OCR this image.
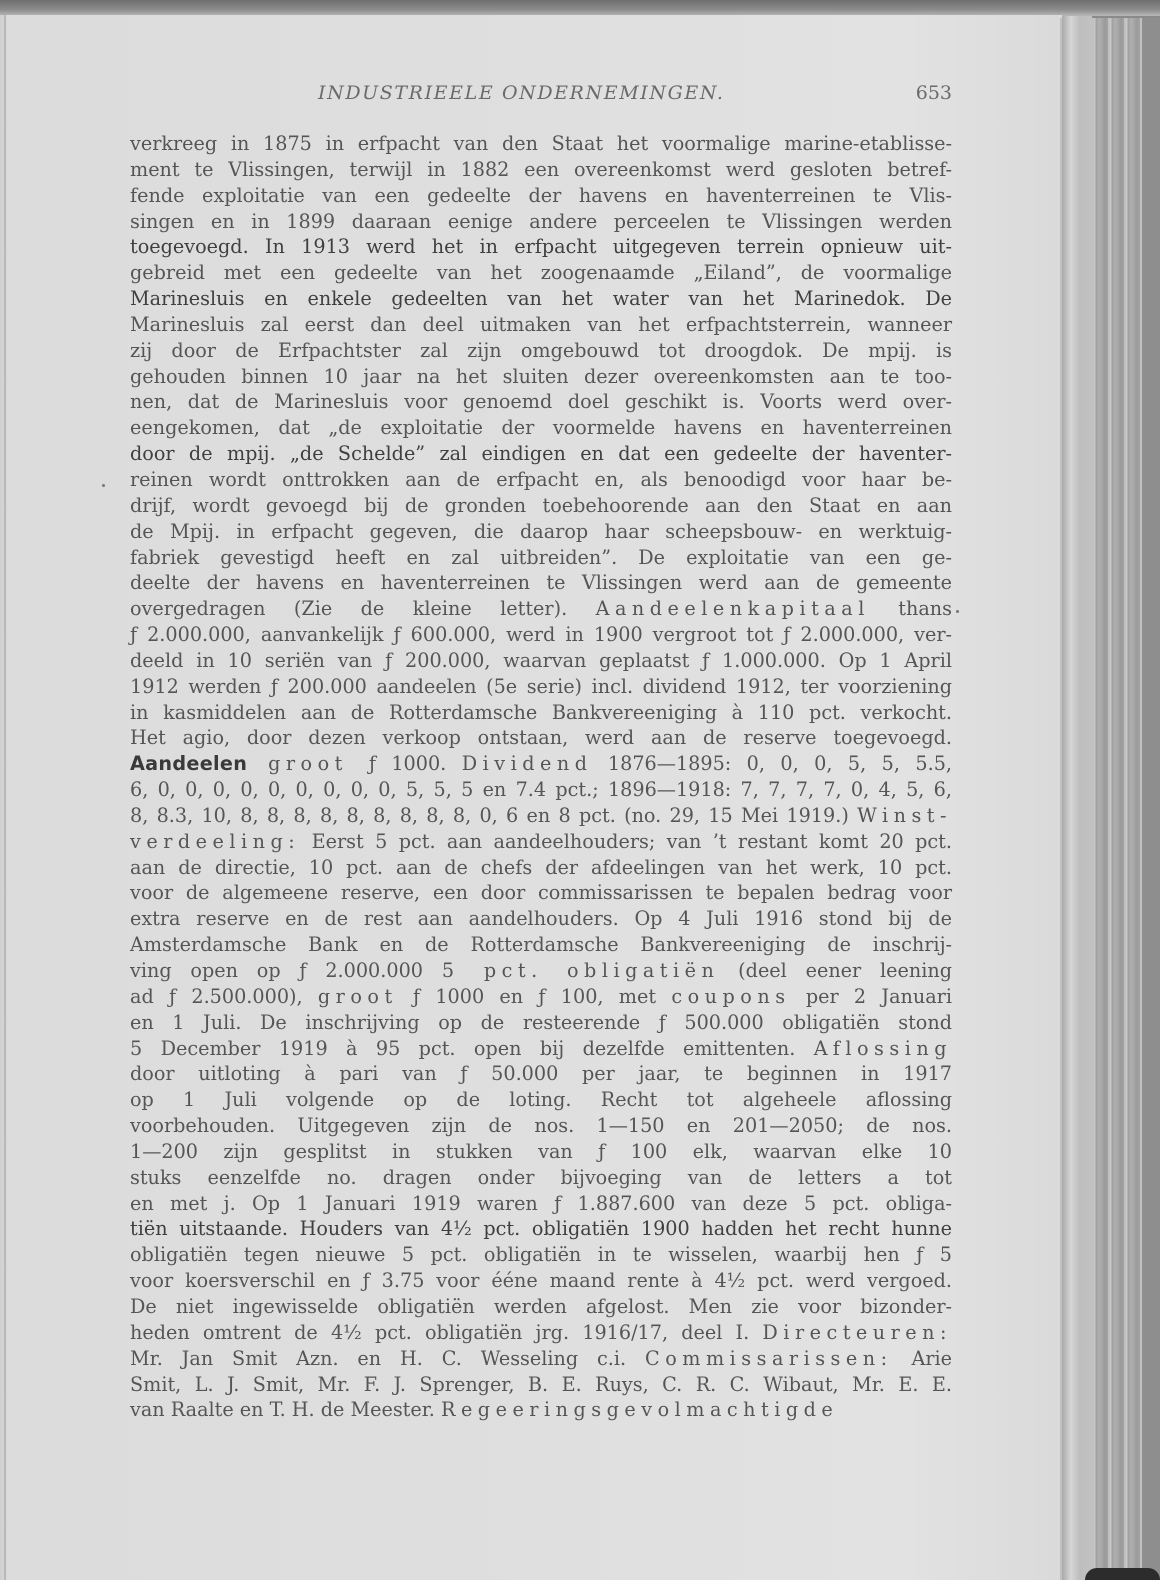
INDUSTRIEELE ONDERNEMINGEN.	653
verkreeg in 1875 in erfpacht van den Staat het voormalige marine-etablisse-
ment te Vlissingen, terwijl in 1882 een overeenkomst werd gesloten betref-
fende exploitatie van een gedeelte der havens en haventerreinen te Vlis-
singen en in 1899 daaraan eenige andere perceelen te Vlissingen werden
toegevoegd. In 1913 werd het in erfpacht uitgegeven terrein opnieuw uit-
gebreid met een gedeelte van het zoogenaamde „Eiland”, de voormalige
Marinesluis en enkele gedeelten van het water van het Marinedok. De
Marinesluis zal eerst dan deel uitmaken van het erfpachtsterrein, wanneer
zij door de Erfpachtster zal zijn omgebouwd tot droogdok. De mpij. is
gehouden binnen 10 jaar na het sluiten dezer overeenkomsten aan te too-
nen, dat de Marinesluis voor genoemd doel geschikt is. Voorts werd over-
eengekomen, dat „de exploitatie der voormelde havens en haventerreinen
door de mpij. „de Schelde” zal eindigen en dat een gedeelte der haventer-
reinen wordt onttrokken aan de erfpacht en, als benoodigd voor haar be-
drijf, wordt gevoegd bij de gronden toebehoorende aan den Staat en aan
de Mpij. in erfpacht gegeven, die daarop haar scheepsbouw- en werktuig-
fabriek gevestigd heeft en zal uitbreiden”. De exploitatie van een ge-
deelte der havens en haventerreinen te Vlissingen werd aan de gemeente
overgedragen (Zie de kleine letter). Aandeelenkapitaal thans
ƒ 2.000.000, aanvankelijk ƒ 600.000, werd in 1900 vergroot tot ƒ 2.000.000, ver-
deeld in 10 seriën van ƒ 200.000, waarvan geplaatst ƒ 1.000.000. Op 1 April
1912 werden ƒ 200.000 aandeelen (5e serie) incl. dividend 1912, ter voorziening
in kasmiddelen aan de Rotterdamsche Bankvereeniging à 110 pct. verkocht.
Het agio, door dezen verkoop ontstaan, werd aan de reserve toegevoegd.
Aandeelen groot ƒ 1000. Dividend 1876—1895: 0, 0, 0, 5, 5, 5.5,
6, 0, 0, 0, 0, 0, 0, 0, 0, 0, 5, 5, 5 en 7.4 pct.; 1896—1918: 7, 7, 7, 7, 0, 4, 5, 6,
8, 8.3, 10, 8, 8, 8, 8, 8, 8, 8, 8, 8, 0, 6 en 8 pct. (no. 29, 15 Mei 1919.) Winst-
verdeeling: Eerst 5 pct. aan aandeelhouders; van ’t restant komt 20 pct.
aan de directie, 10 pct. aan de chefs der afdeelingen van het werk, 10 pct.
voor de algemeene reserve, een door commissarissen te bepalen bedrag voor
extra reserve en de rest aan aandelhouders. Op 4 Juli 1916 stond bij de
Amsterdamsche Bank en de Rotterdamsche Bankvereeniging de inschrij-
ving open op ƒ 2.000.000 5 pct. obligatiën (deel eener leening
ad ƒ 2.500.000), groot ƒ 1000 en ƒ 100, met coupons per 2 Januari
en 1 Juli. De inschrijving op de resteerende ƒ 500.000 obligatiën stond
5 December 1919 à 95 pct. open bij dezelfde emittenten. Aflossing
door uitloting à pari van ƒ 50.000 per jaar, te beginnen in 1917
op 1 Juli volgende op de loting. Recht tot algeheele aflossing
voorbehouden. Uitgegeven zijn de nos. 1—150 en 201—2050; de nos.
1—200 zijn gesplitst in stukken van ƒ 100 elk, waarvan elke 10
stuks eenzelfde no. dragen onder bijvoeging van de letters a tot
en met j. Op 1 Januari 1919 waren ƒ 1.887.600 van deze 5 pct. obliga-
tiën uitstaande. Houders van 4½ pct. obligatiën 1900 hadden het recht hunne
obligatiën tegen nieuwe 5 pct. obligatiën in te wisselen, waarbij hen ƒ 5
voor koersverschil en ƒ 3.75 voor ééne maand rente à 4½ pct. werd vergoed.
De niet ingewisselde obligatiën werden afgelost. Men zie voor bizonder-
heden omtrent de 4½ pct. obligatiën jrg. 1916/17, deel I. Directeuren:
Mr. Jan Smit Azn. en H. C. Wesseling c.i. Commissarissen: Arie
Smit, L. J. Smit, Mr. F. J. Sprenger, B. E. Ruys, C. R. C. Wibaut, Mr. E. E.
van Raalte en T. H. de Meester. Regeeringsgevolmachtigde
